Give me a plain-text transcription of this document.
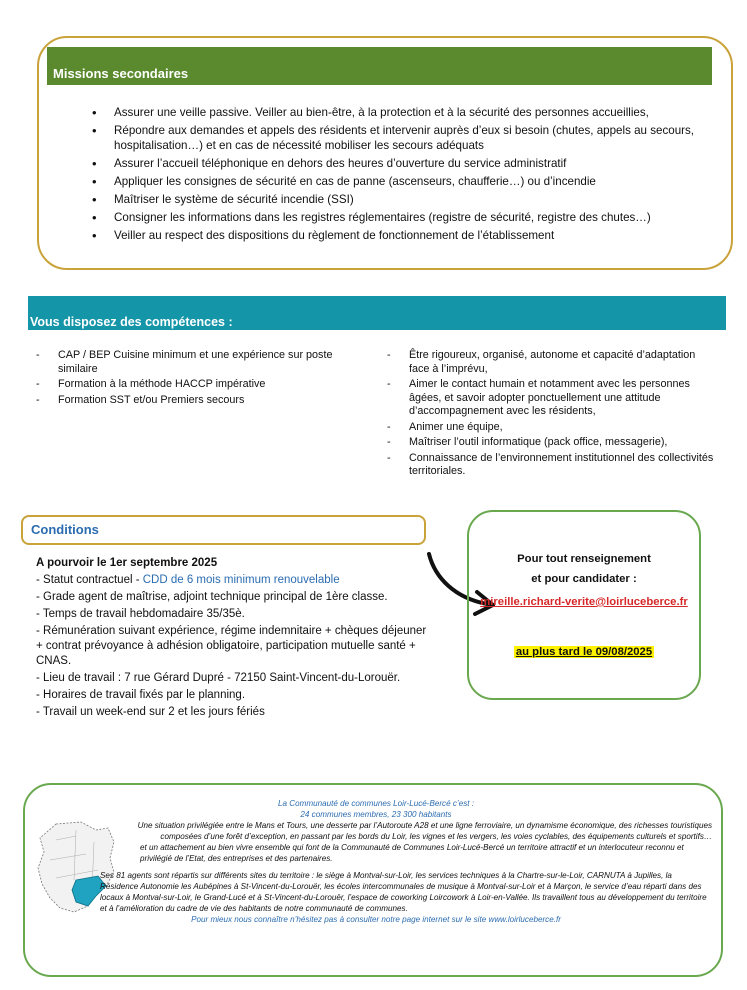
Missions secondaires
• Assurer une veille passive. Veiller au bien-être, à la protection et à la sécurité des personnes accueillies,
• Répondre aux demandes et appels des résidents et intervenir auprès d’eux si besoin (chutes, appels au secours, hospitalisation…) et en cas de nécessité mobiliser les secours adéquats
• Assurer l’accueil téléphonique en dehors des heures d’ouverture du service administratif
• Appliquer les consignes de sécurité en cas de panne (ascenseurs, chaufferie…) ou d’incendie
• Maîtriser le système de sécurité incendie (SSI)
• Consigner les informations dans les registres réglementaires (registre de sécurité, registre des chutes…)
• Veiller au respect des dispositions du règlement de fonctionnement de l’établissement
Vous disposez des compétences :
- CAP / BEP Cuisine minimum et une expérience sur poste similaire
- Formation à la méthode HACCP impérative
- Formation SST et/ou Premiers secours
- Être rigoureux, organisé, autonome et capacité d’adaptation face à l’imprévu,
- Aimer le contact humain et notamment avec les personnes âgées, et savoir adopter ponctuellement une attitude d’accompagnement avec les résidents,
- Animer une équipe,
- Maîtriser l’outil informatique (pack office, messagerie),
- Connaissance de l’environnement institutionnel des collectivités territoriales.
Conditions
A pourvoir le 1er septembre 2025
- Statut contractuel - CDD de 6 mois minimum renouvelable
- Grade agent de maîtrise, adjoint technique principal de 1ère classe.
- Temps de travail hebdomadaire 35/35è.
- Rémunération suivant expérience, régime indemnitaire + chèques déjeuner + contrat prévoyance à adhésion obligatoire, participation mutuelle santé + CNAS.
- Lieu de travail : 7 rue Gérard Dupré - 72150 Saint-Vincent-du-Lorouër.
- Horaires de travail fixés par le planning.
- Travail un week-end sur 2 et les jours fériés
Pour tout renseignement
et pour candidater :
mireille.richard-verite@loirluceberce.fr
au plus tard le 09/08/2025

La Communauté de communes Loir-Lucé-Bercé c’est :

24 communes membres, 23 300 habitants

Une situation privilégiée entre le Mans et Tours, une desserte par l’Autoroute A28 et une ligne ferroviaire, un dynamisme économique, des richesses touristiques composées d’une forêt d’exception, en passant par les bords du Loir, les vignes et les vergers, les voies cyclables, des équipements culturels et sportifs…

et un attachement au bien vivre ensemble qui font de la Communauté de Communes Loir-Lucé-Bercé un territoire attractif et un interlocuteur reconnu et privilégié de l’Etat, des entreprises et des partenaires.

Ses 81 agents sont répartis sur différents sites du territoire : le siège à Montval-sur-Loir, les services techniques à la Chartre-sur-le-Loir, CARNUTA à Jupilles, la Résidence Autonomie les Aubépines à St-Vincent-du-Lorouër, les écoles intercommunales de musique à Montval-sur-Loir et à Marçon, le service d’eau réparti dans des locaux à Montval-sur-Loir, le Grand-Lucé et à St-Vincent-du-Lorouër, l’espace de coworking Loircowork à Loir-en-Vallée. Ils travaillent tous au développement du territoire et à l’amélioration du cadre de vie des habitants de notre communauté de communes.

Pour mieux nous connaître n’hésitez pas à consulter notre page internet sur le site www.loirluceberce.fr
